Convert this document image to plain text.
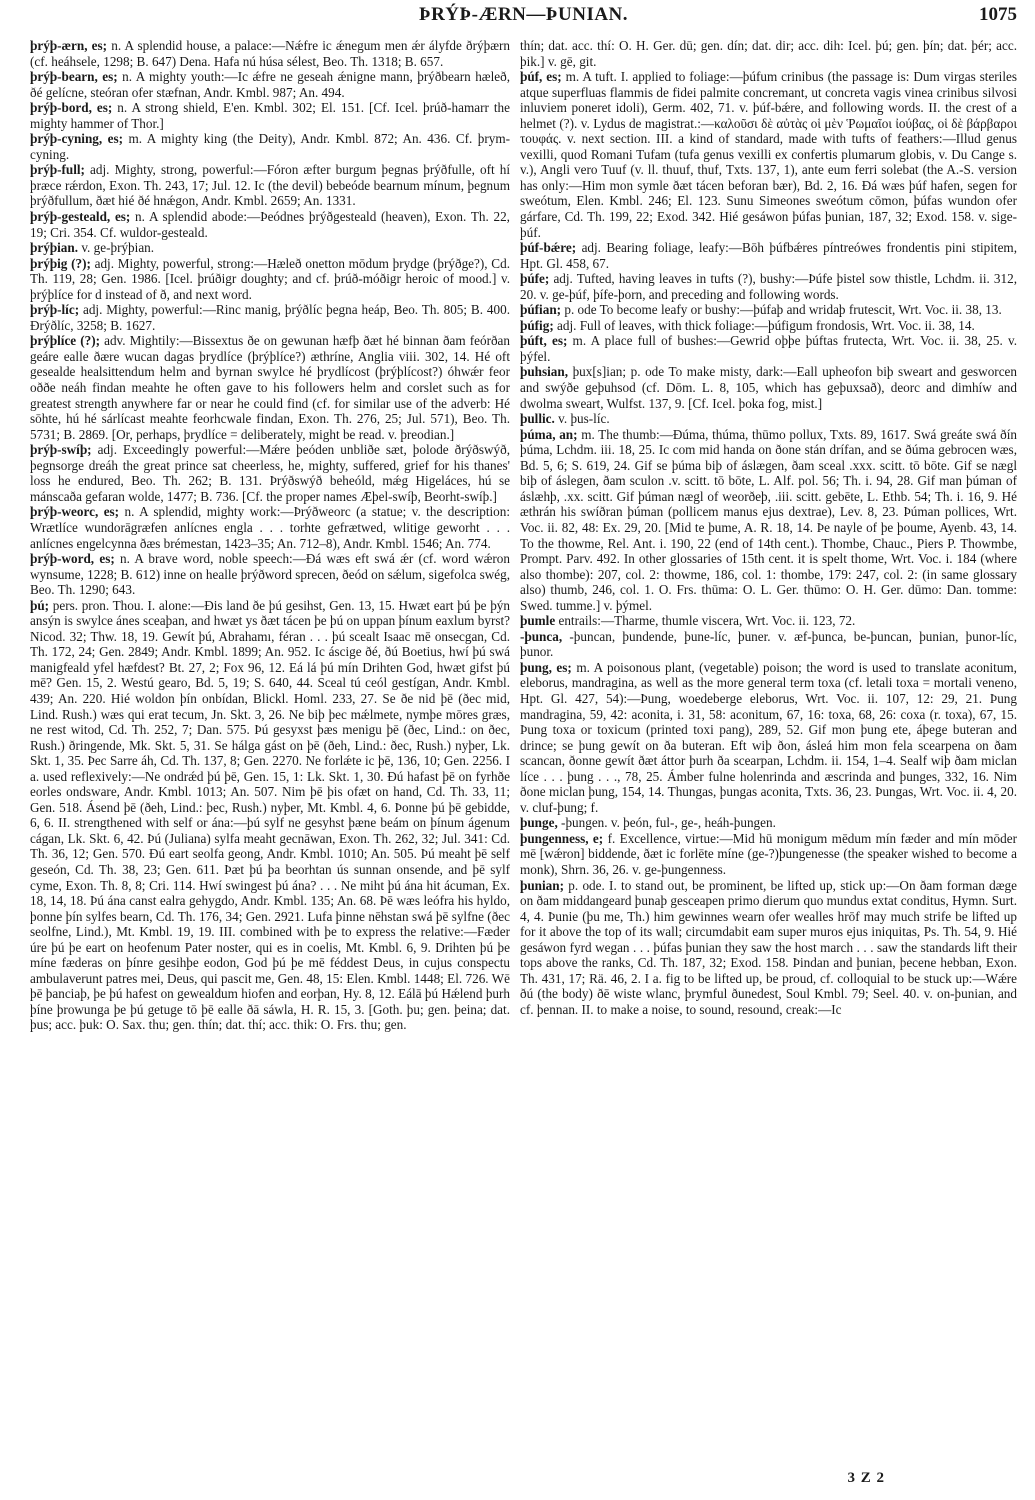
ÞRÝÞ-ÆRN—ÞUNIAN.	1075

þrýþ-ærn, es; n. A splendid house, a palace:—Nǽfre ic ǽnegum men ǽr ályfde ðrýþærn (cf. heáhsele, 1298; B. 647) Dena. Hafa nú húsa sélest, Beo. Th. 1318; B. 657.

þrýþ-bearn, es; n. A mighty youth:—Ic ǽfre ne geseah ǽnigne mann, þrýðbearn hæleð, ðé gelícne, steóran ofer stæfnan, Andr. Kmbl. 987; An. 494.

þrýþ-bord, es; n. A strong shield, E'en. Kmbl. 302; El. 151. [Cf. Icel. þrúð-hamarr the mighty hammer of Thor.]

þrýþ-cyning, es; m. A mighty king (the Deity), Andr. Kmbl. 872; An. 436. Cf. þrym-cyning.

þrýþ-full; adj. Mighty, strong, powerful:—Fóron æfter burgum þegnas þrýðfulle, oft hí þræce rǽrdon, Exon. Th. 243, 17; Jul. 12. Ic (the devil) bebeóde bearnum mínum, þegnum þrýðfullum, ðæt hié ðé hnǽgon, Andr. Kmbl. 2659; An. 1331.

þrýþ-gesteald, es; n. A splendid abode:—Þeódnes þrýðgesteald (heaven), Exon. Th. 22, 19; Cri. 354. Cf. wuldor-gesteald.

þrýþian. v. ge-þrýþian.

þrýþig (?); adj. Mighty, powerful, strong:—Hæleð onetton mōdum þrydge (þrýðge?), Cd. Th. 119, 28; Gen. 1986. [Icel. þrúðigr doughty; and cf. þrúð-móðigr heroic of mood.] v. þrýþlíce for d instead of ð, and next word.

þrýþ-líc; adj. Mighty, powerful:—Rinc manig, þrýðlíc þegna heáp, Beo. Th. 805; B. 400. Ðrýðlíc, 3258; B. 1627.

þrýþlíce (?); adv. Mightily:—Bissextus ðe on gewunan hæfþ ðæt hé binnan ðam feórðan geáre ealle ðære wucan dagas þrydlíce (þrýþlíce?) æthríne, Anglia viii. 302, 14. Hé oft gesealde healsittendum helm and byrnan swylce hé þrydlícost (þrýþlícost?) óhwǽr feor oððe neáh findan meahte he often gave to his followers helm and corslet such as for greatest strength anywhere far or near he could find (cf. for similar use of the adverb: Hé sōhte, hú hé sárlícast meahte feorhcwale findan, Exon. Th. 276, 25; Jul. 571), Beo. Th. 5731; B. 2869. [Or, perhaps, þrydlíce = deliberately, might be read. v. þreodian.]

þrýþ-swíþ; adj. Exceedingly powerful:—Mǽre þeóden unbliðe sæt, þolode ðrýðswýð, þegnsorge dreáh the great prince sat cheerless, he, mighty, suffered, grief for his thanes' loss he endured, Beo. Th. 262; B. 131. Þrýðswýð beheóld, mǽg Higeláces, hú se mánscaða gefaran wolde, 1477; B. 736. [Cf. the proper names Æþel-swíþ, Beorht-swíþ.]

þrýþ-weorc, es; n. A splendid, mighty work:—Þrýðweorc (a statue; v. the description: Wrætlíce wundorāgræfen anlícnes engla . . . torhte gefrætwed, wlitige geworht . . . anlícnes engelcynna ðæs brémestan, 1423–35; An. 712–8), Andr. Kmbl. 1546; An. 774.

þrýþ-word, es; n. A brave word, noble speech:—Ðá wæs eft swá ǽr (cf. word wǽron wynsume, 1228; B. 612) inne on healle þrýðword sprecen, ðeód on sǽlum, sigefolca swég, Beo. Th. 1290; 643.

þú; pers. pron. Thou. I. alone:—Ðis land ðe þú gesihst, Gen. 13, 15. Hwæt eart þú þe þýn ansýn is swylce ánes sceaþan, and hwæt ys ðæt tácen þe þú on uppan þínum eaxlum byrst? Nicod. 32; Thw. 18, 19. Gewít þú, Abrahamı, féran . . . þú scealt Isaac mē onsecgan, Cd. Th. 172, 24; Gen. 2849; Andr. Kmbl. 1899; An. 952. Ic áscige ðé, ðú Boetius, hwí þú swá manigfeald yfel hæfdest? Bt. 27, 2; Fox 96, 12. Eá lá þú mín Drihten God, hwæt gifst þú mē? Gen. 15, 2. Westú gearo, Bd. 5, 19; S. 640, 44. Sceal tú ceól gestígan, Andr. Kmbl. 439; An. 220. Hié woldon þín onbídan, Blickl. Homl. 233, 27. Se ðe nid þē (ðec mid, Lind. Rush.) wæs qui erat tecum, Jn. Skt. 3, 26. Ne biþ þec mǽlmete, nymþe mōres græs, ne rest witod, Cd. Th. 252, 7; Dan. 575. Þú gesyxst þæs menigu þē (ðec, Lind.: on ðec, Rush.) ðringende, Mk. Skt. 5, 31. Se hálga gást on þē (ðeh, Lind.: ðec, Rush.) nyþer, Lk. Skt. 1, 35. Þec Sarre áh, Cd. Th. 137, 8; Gen. 2270. Ne forlǽte ic þē, 136, 10; Gen. 2256. I a. used reflexively:—Ne ondrǽd þú þē, Gen. 15, 1: Lk. Skt. 1, 30. Ðú hafast þē on fyrhðe eorles ondsware, Andr. Kmbl. 1013; An. 507. Nim þē þis ofæt on hand, Cd. Th. 33, 11; Gen. 518. Ásend þē (ðeh, Lind.: þec, Rush.) nyþer, Mt. Kmbl. 4, 6. Þonne þú þē gebidde, 6, 6. II. strengthened with self or ána:—þú sylf ne gesyhst þæne beám on þínum ágenum cágan, Lk. Skt. 6, 42. Þú (Juliana) sylfa meaht gecnāwan, Exon. Th. 262, 32; Jul. 341: Cd. Th. 36, 12; Gen. 570. Ðú eart seolfa geong, Andr. Kmbl. 1010; An. 505. Þú meaht þē self geseón, Cd. Th. 38, 23; Gen. 611. Þæt þú þa beorhtan ús sunnan onsende, and þē sylf cyme, Exon. Th. 8, 8; Cri. 114. Hwí swingest þú ána? . . . Ne miht þú ána hit ácuman, Ex. 18, 14, 18. Þú ána canst ealra gehygdo, Andr. Kmbl. 135; An. 68. Þē wæs leófra his hyldo, þonne þín sylfes bearn, Cd. Th. 176, 34; Gen. 2921. Lufa þinne nēhstan swá þē sylfne (ðec seolfne, Lind.), Mt. Kmbl. 19, 19. III. combined with þe to express the relative:—Fæder úre þú þe eart on heofenum Pater noster, qui es in coelis, Mt. Kmbl. 6, 9. Drihten þú þe míne fæderas on þínre gesihþe eodon, God þú þe mē féddest Deus, in cujus conspectu ambulaverunt patres mei, Deus, qui pascit me, Gen. 48, 15: Elen. Kmbl. 1448; El. 726. Wē þē þanciaþ, þe þú hafest on gewealdum hiofen and eorþan, Hy. 8, 12. Eálā þú Hǽlend þurh þíne þrowunga þe þú getuge tō þē ealle ðā sáwla, H. R. 15, 3. [Goth. þu; gen. þeina; dat. þus; acc. þuk: O. Sax. thu; gen. thín; dat. thí; acc. thik: O. Frs. thu; gen.

thín; dat. acc. thí: O. H. Ger. dū; gen. dín; dat. dir; acc. dih: Icel. þú; gen. þín; dat. þér; acc. þik.] v. gē, git.

þúf, es; m. A tuft. I. applied to foliage:—þúfum crinibus (the passage is: Dum virgas steriles atque superfluas flammis de fidei palmite concremant, ut concreta vagis vinea crinibus silvosi inluviem poneret idoli), Germ. 402, 71. v. þúf-bǽre, and following words. II. the crest of a helmet (?). v. Lydus de magistrat.:—καλοῦσι δὲ αὐτὰς οἱ μὲν Ῥωμαῖοι ἰούβας, οἱ δὲ βάρβαροι τουφάς. v. next section. III. a kind of standard, made with tufts of feathers:—Illud genus vexilli, quod Romani Tufam (tufa genus vexilli ex confertis plumarum globis, v. Du Cange s. v.), Angli vero Tuuf (v. ll. thuuf, thuf, Txts. 137, 1), ante eum ferri solebat (the A.-S. version has only:—Him mon symle ðæt tácen beforan bær), Bd. 2, 16. Ðá wæs þúf hafen, segen for sweótum, Elen. Kmbl. 246; El. 123. Sunu Simeones sweótum cōmon, þúfas wundon ofer gárfare, Cd. Th. 199, 22; Exod. 342. Hié gesáwon þúfas þunian, 187, 32; Exod. 158. v. sige-þúf.

þúf-bǽre; adj. Bearing foliage, leafy:—Bōh þúfbǽres píntreówes frondentis pini stipitem, Hpt. Gl. 458, 67.

þúfe; adj. Tufted, having leaves in tufts (?), bushy:—Þúfe þistel sow thistle, Lchdm. ii. 312, 20. v. ge-þúf, þífe-þorn, and preceding and following words.

þúfian; p. ode To become leafy or bushy:—þúfaþ and wridaþ frutescit, Wrt. Voc. ii. 38, 13.

þúfig; adj. Full of leaves, with thick foliage:—þúfigum frondosis, Wrt. Voc. ii. 38, 14.

þúft, es; m. A place full of bushes:—Gewrid oþþe þúftas frutecta, Wrt. Voc. ii. 38, 25. v. þýfel.

þuhsian, þux[s]ian; p. ode To make misty, dark:—Eall upheofon biþ sweart and gesworcen and swýðe geþuhsod (cf. Dōm. L. 8, 105, which has geþuxsað), deorc and dimhíw and dwolma sweart, Wulfst. 137, 9. [Cf. Icel. þoka fog, mist.]

þullic. v. þus-líc.

þúma, an; m. The thumb:—Ðúma, thúma, thūmo pollux, Txts. 89, 1617. Swá greáte swá ðín þúma, Lchdm. iii. 18, 25. Ic com mid handa on ðone stán drífan, and se ðúma gebrocen wæs, Bd. 5, 6; S. 619, 24. Gif se þúma biþ of áslægen, ðam sceal .xxx. scitt. tō bōte. Gif se nægl biþ of áslegen, ðam sculon .v. scitt. tō bōte, L. Alf. pol. 56; Th. i. 94, 28. Gif man þúman of áslæhþ, .xx. scitt. Gif þúman nægl of weorðeþ, .iii. scitt. gebēte, L. Ethb. 54; Th. i. 16, 9. Hé æthrán his swíðran þúman (pollicem manus ejus dextrae), Lev. 8, 23. Þúman pollices, Wrt. Voc. ii. 82, 48: Ex. 29, 20. [Mid te þume, A. R. 18, 14. Þe nayle of þe þoume, Ayenb. 43, 14. To the thowme, Rel. Ant. i. 190, 22 (end of 14th cent.). Thombe, Chauc., Piers P. Thowmbe, Prompt. Parv. 492. In other glossaries of 15th cent. it is spelt thome, Wrt. Voc. i. 184 (where also thombe): 207, col. 2: thowme, 186, col. 1: thombe, 179: 247, col. 2: (in same glossary also) thumb, 246, col. 1. O. Frs. thūma: O. L. Ger. thūmo: O. H. Ger. dūmo: Dan. tomme: Swed. tumme.] v. þýmel.

þumle entrails:—Tharme, thumle viscera, Wrt. Voc. ii. 123, 72.

-þunca, -þuncan, þundende, þune-líc, þuner. v. æf-þunca, be-þuncan, þunian, þunor-líc, þunor.

þung, es; m. A poisonous plant, (vegetable) poison; the word is used to translate aconitum, eleborus, mandragina, as well as the more general term toxa (cf. letali toxa = mortali veneno, Hpt. Gl. 427, 54):—Þung, woedeberge eleborus, Wrt. Voc. ii. 107, 12: 29, 21. Þung mandragina, 59, 42: aconita, i. 31, 58: aconitum, 67, 16: toxa, 68, 26: coxa (r. toxa), 67, 15. Þung toxa or toxicum (printed toxi pang), 289, 52. Gif mon þung ete, áþege buteran and drince; se þung gewít on ða buteran. Eft wiþ ðon, ásleá him mon fela scearpena on ðam scancan, ðonne gewít ðæt áttor þurh ða scearpan, Lchdm. ii. 154, 1–4. Sealf wiþ ðam miclan líce . . . þung . . ., 78, 25. Ámber fulne holenrinda and æscrinda and þunges, 332, 16. Nim ðone miclan þung, 154, 14. Thungas, þungas aconita, Txts. 36, 23. Þungas, Wrt. Voc. ii. 4, 20. v. cluf-þung; f.

þunge, -þungen. v. þeón, ful-, ge-, heáh-þungen.

þungenness, e; f. Excellence, virtue:—Mid hū monigum mēdum mín fæder and mín mōder mē [wǽron] biddende, ðæt ic forlēte míne (ge-?)þungenesse (the speaker wished to become a monk), Shrn. 36, 26. v. ge-þungenness.

þunian; p. ode. I. to stand out, be prominent, be lifted up, stick up:—On ðam forman dæge on ðam middangeard þunaþ gesceapen primo dierum quo mundus extat conditus, Hymn. Surt. 4, 4. Þunie (þu me, Th.) him gewinnes wearn ofer wealles hrōf may much strife be lifted up for it above the top of its wall; circumdabit eam super muros ejus iniquitas, Ps. Th. 54, 9. Hié gesáwon fyrd wegan . . . þúfas þunian they saw the host march . . . saw the standards lift their tops above the ranks, Cd. Th. 187, 32; Exod. 158. Þindan and þunian, þecene hebban, Exon. Th. 431, 17; Rä. 46, 2. I a. fig to be lifted up, be proud, cf. colloquial to be stuck up:—Wǽre ðú (the body) ðē wiste wlanc, þrymful ðunedest, Soul Kmbl. 79; Seel. 40. v. on-þunian, and cf. þennan. II. to make a noise, to sound, resound, creak:—Ic

3 Z 2
